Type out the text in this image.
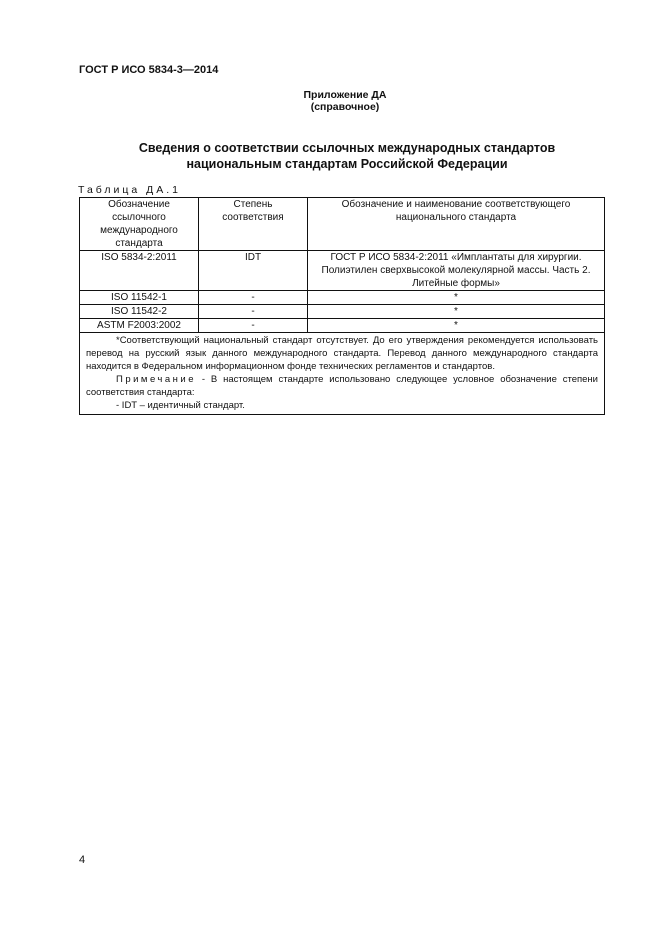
ГОСТ Р ИСО 5834-3—2014
Приложение ДА
(справочное)
Сведения о соответствии ссылочных международных стандартов
национальным стандартам Российской Федерации
Таблица ДА.1
Обозначение ссылочного международного стандарта	Степень соответствия	Обозначение и наименование соответствующего национального стандарта
ISO 5834-2:2011	IDT	ГОСТ Р ИСО 5834-2:2011 «Имплантаты для хирургии. Полиэтилен сверхвысокой молекулярной массы. Часть 2. Литейные формы»
ISO 11542-1	-	*
ISO 11542-2	-	*
ASTM F2003:2002	-	*

*Соответствующий национальный стандарт отсутствует. До его утверждения рекомендуется использовать перевод на русский язык данного международного стандарта. Перевод данного международного стандарта находится в Федеральном информационном фонде технических регламентов и стандартов.

Примечание - В настоящем стандарте использовано следующее условное обозначение степени соответствия стандарта:

- IDT – идентичный стандарт.		

4
